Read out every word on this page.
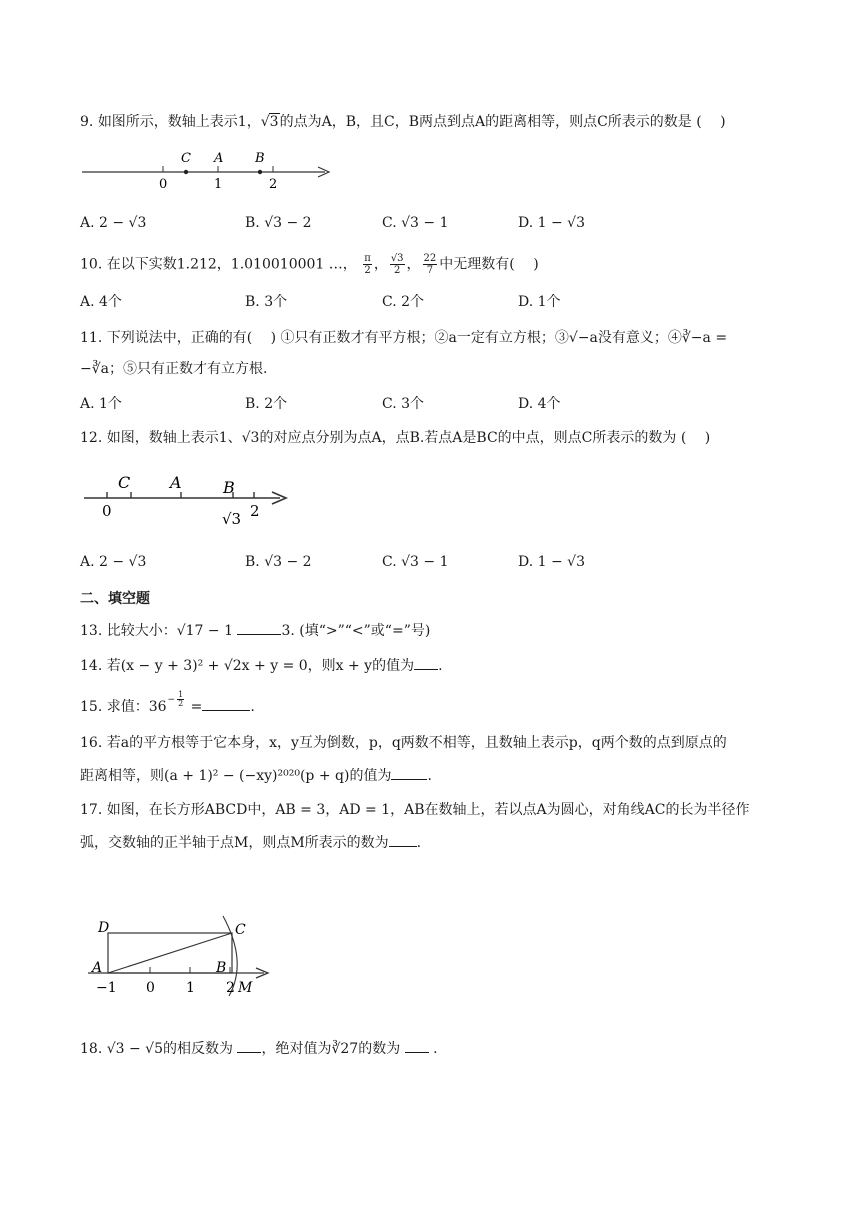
9. 如图所示，数轴上表示1，√3的点为A，B，且C，B两点到点A的距离相等，则点C所表示的数是 (　 )
C A B
0	1	2
A. 2 − √3	B. √3 − 2	C. √3 − 1	D. 1 − √3
10. 在以下实数1.212，1.010010001 …， $\frac{\pi}{2}$ ， $\frac{√3}{2}$ ， $\frac{22}{7}$ 中无理数有(　 )
A. 4个	B. 3个	C. 2个	D. 1个
11. 下列说法中，正确的有(　 ) ①只有正数才有平方根；②a一定有立方根；③√−a没有意义；④∛−a =
−∛a；⑤只有正数才有立方根.
A. 1个	B. 2个	C. 3个	D. 4个
12. 如图，数轴上表示1、√3的对应点分别为点A，点B.若点A是BC的中点，则点C所表示的数为 (　 )
C A	B
0	√3 2
A. 2 − √3	B. √3 − 2	C. √3 − 1	D. 1 − √3
二、填空题
13. 比较大小：√17 − 1	3. (填“>”“<”或“=”号)
14. 若(x − y + 3)² + √2x + y = 0，则x + y的值为 .
15. 求值：$36^{- \frac{1}{2}}$ =	.
16. 若a的平方根等于它本身，x，y互为倒数，p，q两数不相等，且数轴上表示p，q两个数的点到原点的
距离相等，则(a + 1)² − (−xy)²⁰²⁰(p + q)的值为	.
17. 如图，在长方形ABCD中，AB = 3，AD = 1，AB在数轴上，若以点A为圆心，对角线AC的长为半径作
弧，交数轴的正半轴于点M，则点M所表示的数为 .
D	C
A	B
M
−1 0 1 2
18. √3 − √5的相反数为 ，绝对值为∛27的数为  .
